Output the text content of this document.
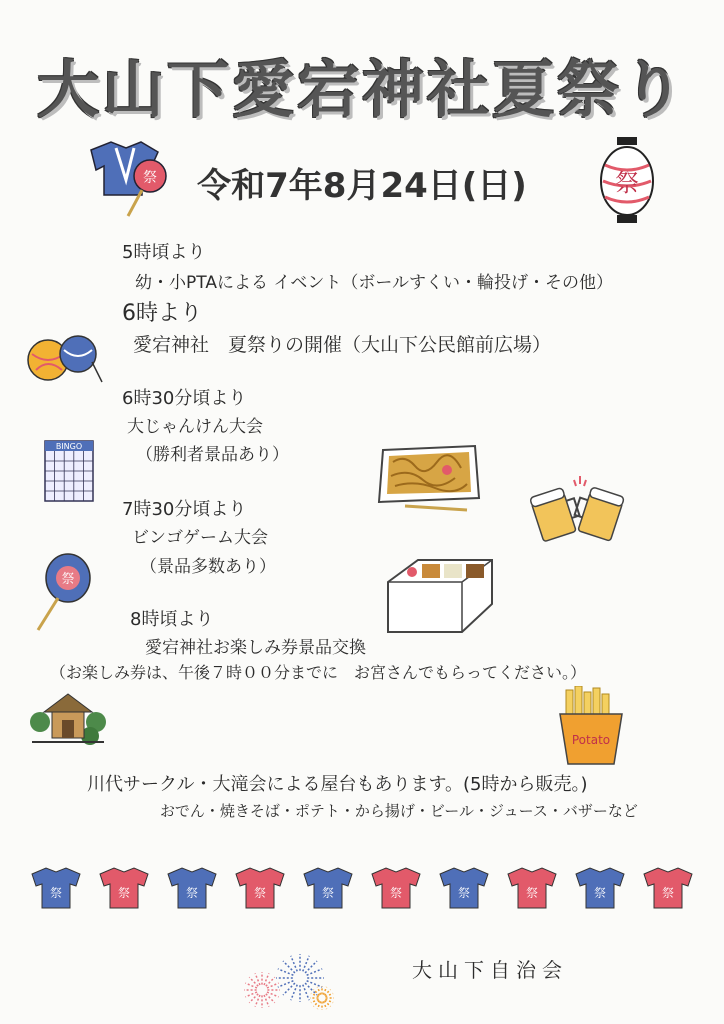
大山下愛宕神社夏祭り
令和7年8月24日(日)
5時頃より
幼・小PTAによる イベント（ボールすくい・輪投げ・その他）
6時より
愛宕神社　夏祭りの開催（大山下公民館前広場）
6時30分頃より
大じゃんけん大会
（勝利者景品あり）
7時30分頃より
ビンゴゲーム大会
（景品多数あり）
8時頃より
愛宕神社お楽しみ券景品交換
（お楽しみ券は、午後７時００分までに　お宮さんでもらってください。）
川代サークル・大滝会による屋台もあります。(5時から販売。)
おでん・焼きそば・ポテト・から揚げ・ビール・ジュース・バザーなど
大山下自治会
祭	祭
BINGO
祭
Potato
祭	祭	祭	祭	祭	祭	祭	祭	祭	祭
